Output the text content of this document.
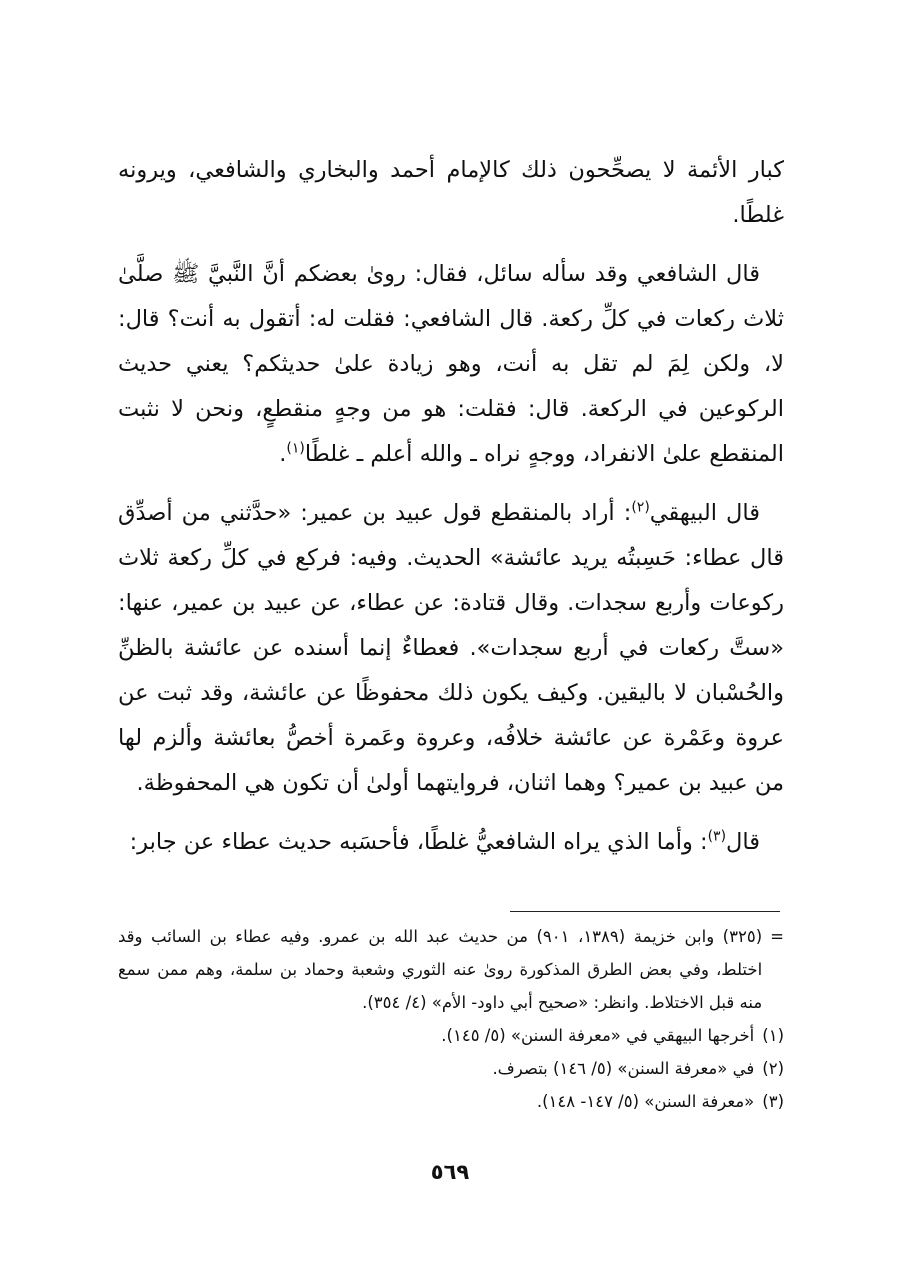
كبار الأئمة لا يصحِّحون ذلك كالإمام أحمد والبخاري والشافعي، ويرونه غلطًا.

قال الشافعي وقد سأله سائل، فقال: روىٰ بعضكم أنَّ النَّبيَّ ﷺ صلَّىٰ ثلاث ركعات في كلِّ ركعة. قال الشافعي: فقلت له: أتقول به أنت؟ قال: لا، ولكن لِمَ لم تقل به أنت، وهو زيادة علىٰ حديثكم؟ يعني حديث الركوعين في الركعة. قال: فقلت: هو من وجهٍ منقطعٍ، ونحن لا نثبت المنقطع علىٰ الانفراد، ووجهٍ نراه ـ والله أعلم ـ غلطًا$^{(١)}$.

قال البيهقي$^{(٢)}$: أراد بالمنقطع قول عبيد بن عمير: «حدَّثني من أصدِّق قال عطاء: حَسِبتُه يريد عائشة» الحديث. وفيه: فركع في كلِّ ركعة ثلاث ركوعات وأربع سجدات. وقال قتادة: عن عطاء، عن عبيد بن عمير، عنها: «ستَّ ركعات في أربع سجدات». فعطاءٌ إنما أسنده عن عائشة بالظنِّ والحُسْبان لا باليقين. وكيف يكون ذلك محفوظًا عن عائشة، وقد ثبت عن عروة وعَمْرة عن عائشة خلافُه، وعروة وعَمرة أخصُّ بعائشة وألزم لها من عبيد بن عمير؟ وهما اثنان، فروايتهما أولىٰ أن تكون هي المحفوظة.

قال$^{(٣)}$: وأما الذي يراه الشافعيُّ غلطًا، فأحسَبه حديث عطاء عن جابر:

=
(٣٢٥) وابن خزيمة (١٣٨٩، ٩٠١) من حديث عبد الله بن عمرو. وفيه عطاء بن السائب وقد اختلط، وفي بعض الطرق المذكورة روىٰ عنه الثوري وشعبة وحماد بن سلمة، وهم ممن سمع منه قبل الاختلاط. وانظر: «صحيح أبي داود- الأم» (٤/ ٣٥٤).
(١)
أخرجها البيهقي في «معرفة السنن» (٥/ ١٤٥).
(٢)
في «معرفة السنن» (٥/ ١٤٦) بتصرف.
(٣)
«معرفة السنن» (٥/ ١٤٧- ١٤٨).
٥٦٩
